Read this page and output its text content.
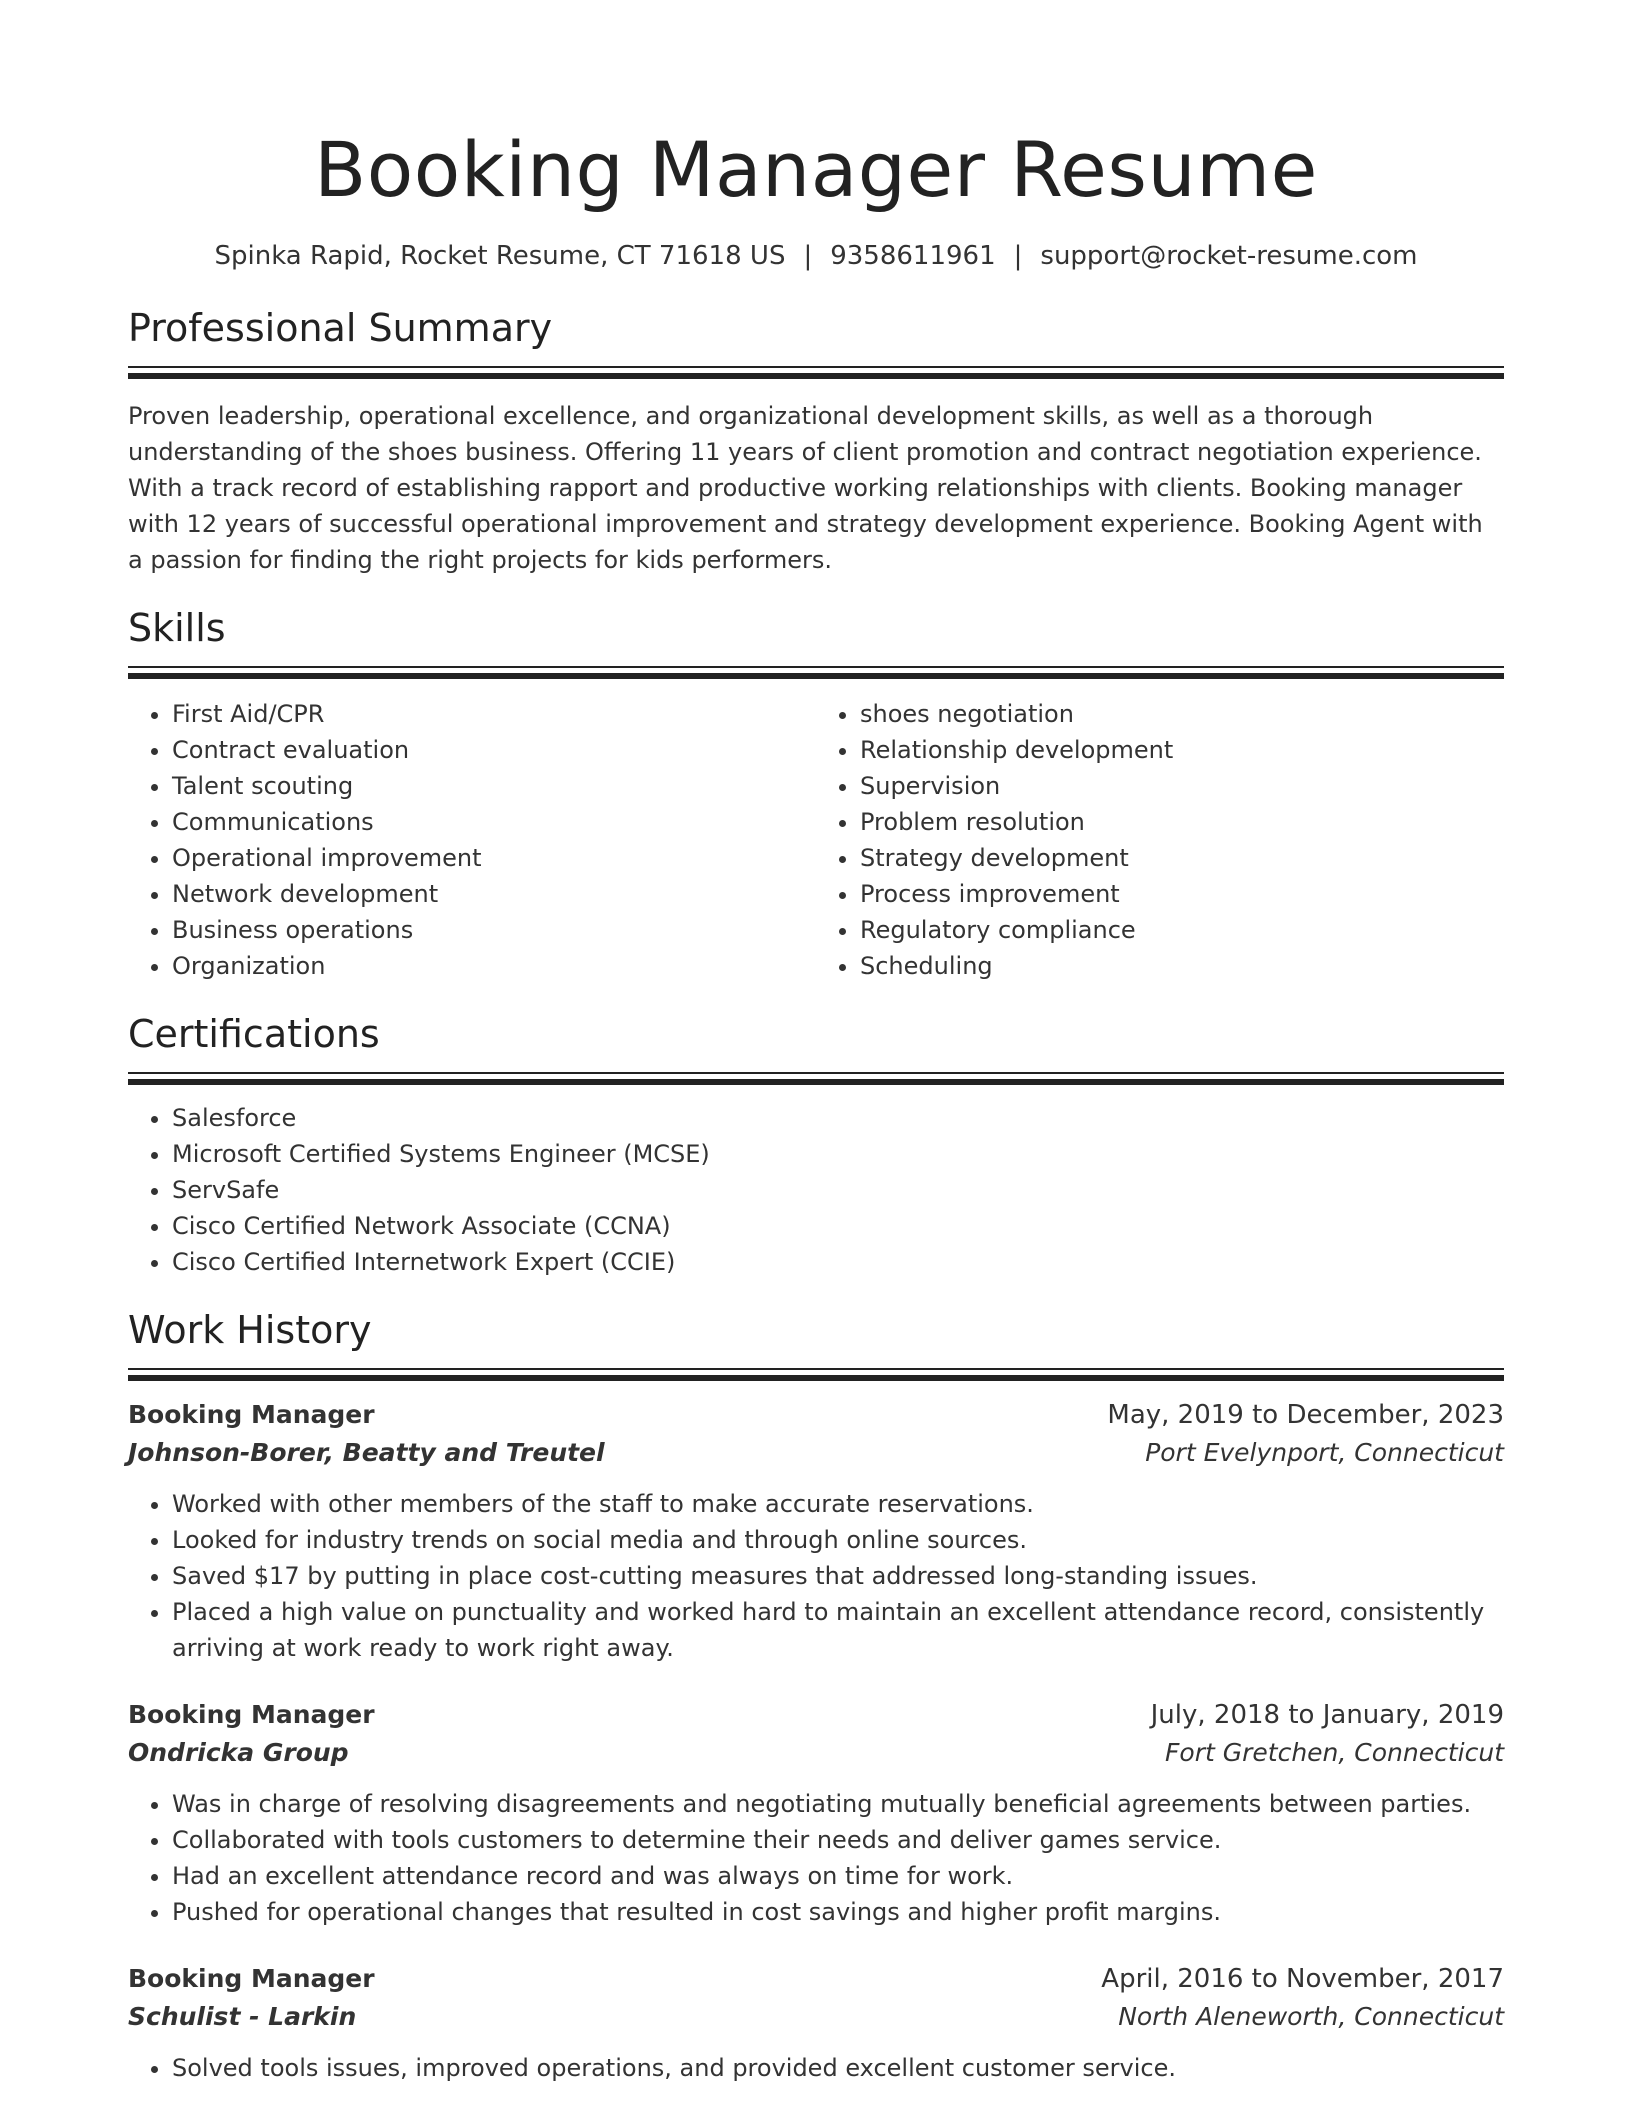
Booking Manager Resume
Spinka Rapid, Rocket Resume, CT 71618 US | 9358611961 | support@rocket-resume.com
Professional Summary

Proven leadership, operational excellence, and organizational development skills, as well as a thorough understanding of the shoes business. Offering 11 years of client promotion and contract negotiation experience. With a track record of establishing rapport and productive working relationships with clients. Booking manager with 12 years of successful operational improvement and strategy development experience. Booking Agent with a passion for finding the right projects for kids performers.

Skills
• First Aid/CPR
• Contract evaluation
• Talent scouting
• Communications
• Operational improvement
• Network development
• Business operations
• Organization
• shoes negotiation
• Relationship development
• Supervision
• Problem resolution
• Strategy development
• Process improvement
• Regulatory compliance
• Scheduling
Certifications
• Salesforce
• Microsoft Certified Systems Engineer (MCSE)
• ServSafe
• Cisco Certified Network Associate (CCNA)
• Cisco Certified Internetwork Expert (CCIE)
Work History
Booking Manager	May, 2019 to December, 2023
Johnson-Borer, Beatty and Treutel	Port Evelynport, Connecticut
• Worked with other members of the staff to make accurate reservations.
• Looked for industry trends on social media and through online sources.
• Saved $17 by putting in place cost-cutting measures that addressed long-standing issues.
• Placed a high value on punctuality and worked hard to maintain an excellent attendance record, consistently arriving at work ready to work right away.
Booking Manager	July, 2018 to January, 2019
Ondricka Group	Fort Gretchen, Connecticut
• Was in charge of resolving disagreements and negotiating mutually beneficial agreements between parties.
• Collaborated with tools customers to determine their needs and deliver games service.
• Had an excellent attendance record and was always on time for work.
• Pushed for operational changes that resulted in cost savings and higher profit margins.
Booking Manager	April, 2016 to November, 2017
Schulist - Larkin	North Aleneworth, Connecticut
• Solved tools issues, improved operations, and provided excellent customer service.
